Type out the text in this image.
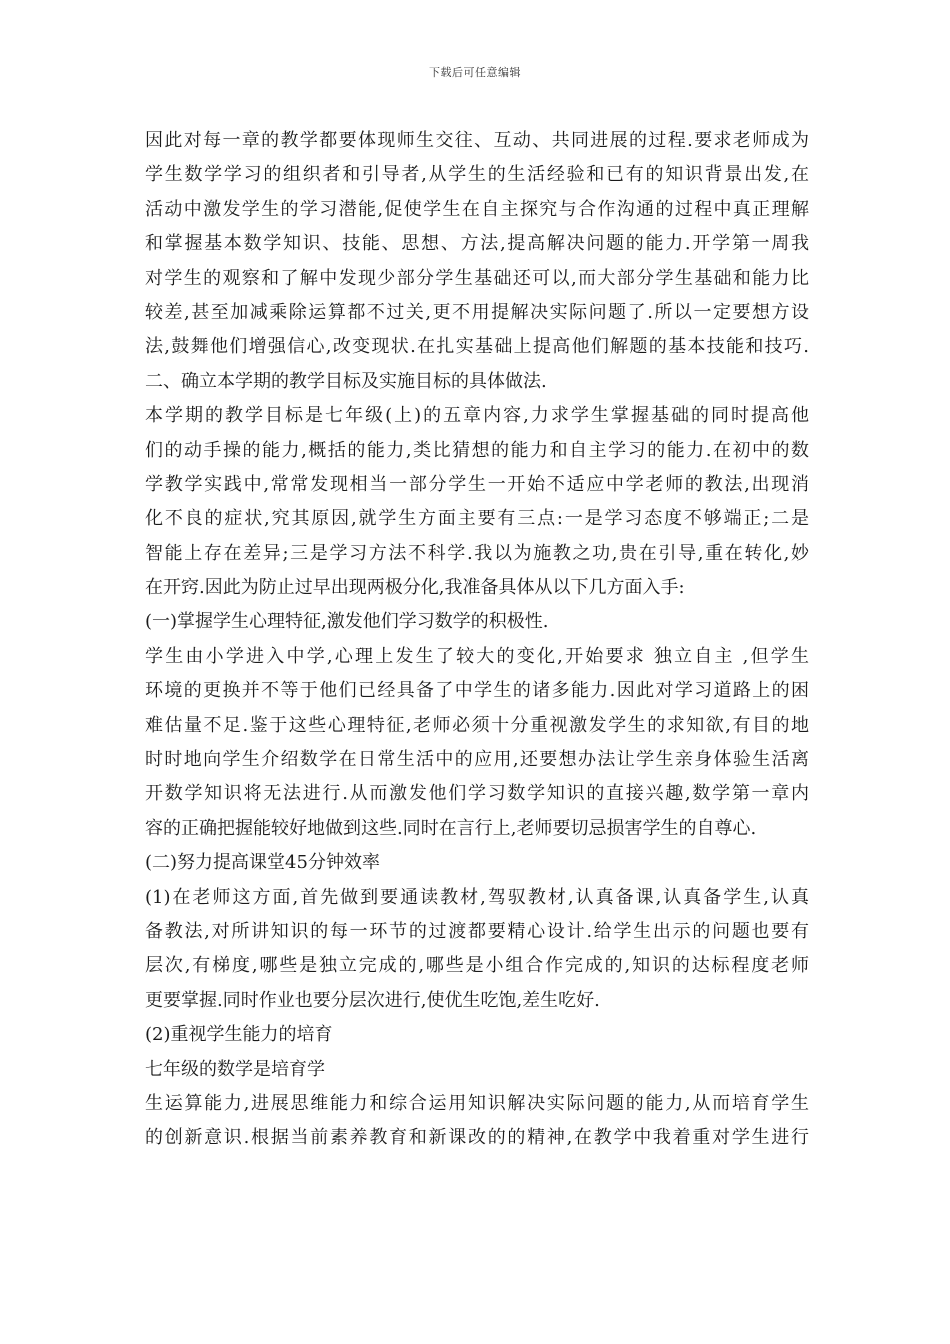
下载后可任意编辑
因此对每一章的教学都要体现师生交往、互动、共同进展的过程.要求老师成为
学生数学学习的组织者和引导者,从学生的生活经验和已有的知识背景出发,在
活动中激发学生的学习潜能,促使学生在自主探究与合作沟通的过程中真正理解
和掌握基本数学知识、技能、思想、方法,提高解决问题的能力.开学第一周我
对学生的观察和了解中发现少部分学生基础还可以,而大部分学生基础和能力比
较差,甚至加减乘除运算都不过关,更不用提解决实际问题了.所以一定要想方设
法,鼓舞他们增强信心,改变现状.在扎实基础上提高他们解题的基本技能和技巧.
二、确立本学期的教学目标及实施目标的具体做法.
本学期的教学目标是七年级(上)的五章内容,力求学生掌握基础的同时提高他
们的动手操的能力,概括的能力,类比猜想的能力和自主学习的能力.在初中的数
学教学实践中,常常发现相当一部分学生一开始不适应中学老师的教法,出现消
化不良的症状,究其原因,就学生方面主要有三点:一是学习态度不够端正;二是
智能上存在差异;三是学习方法不科学.我以为施教之功,贵在引导,重在转化,妙
在开窍.因此为防止过早出现两极分化,我准备具体从以下几方面入手:
(一)掌握学生心理特征,激发他们学习数学的积极性.
学生由小学进入中学,心理上发生了较大的变化,开始要求 独立自主 ,但学生
环境的更换并不等于他们已经具备了中学生的诸多能力.因此对学习道路上的困
难估量不足.鉴于这些心理特征,老师必须十分重视激发学生的求知欲,有目的地
时时地向学生介绍数学在日常生活中的应用,还要想办法让学生亲身体验生活离
开数学知识将无法进行.从而激发他们学习数学知识的直接兴趣,数学第一章内
容的正确把握能较好地做到这些.同时在言行上,老师要切忌损害学生的自尊心.
(二)努力提高课堂45分钟效率
(1)在老师这方面,首先做到要通读教材,驾驭教材,认真备课,认真备学生,认真
备教法,对所讲知识的每一环节的过渡都要精心设计.给学生出示的问题也要有
层次,有梯度,哪些是独立完成的,哪些是小组合作完成的,知识的达标程度老师
更要掌握.同时作业也要分层次进行,使优生吃饱,差生吃好.
(2)重视学生能力的培育
七年级的数学是培育学
生运算能力,进展思维能力和综合运用知识解决实际问题的能力,从而培育学生
的创新意识.根据当前素养教育和新课改的的精神,在教学中我着重对学生进行
